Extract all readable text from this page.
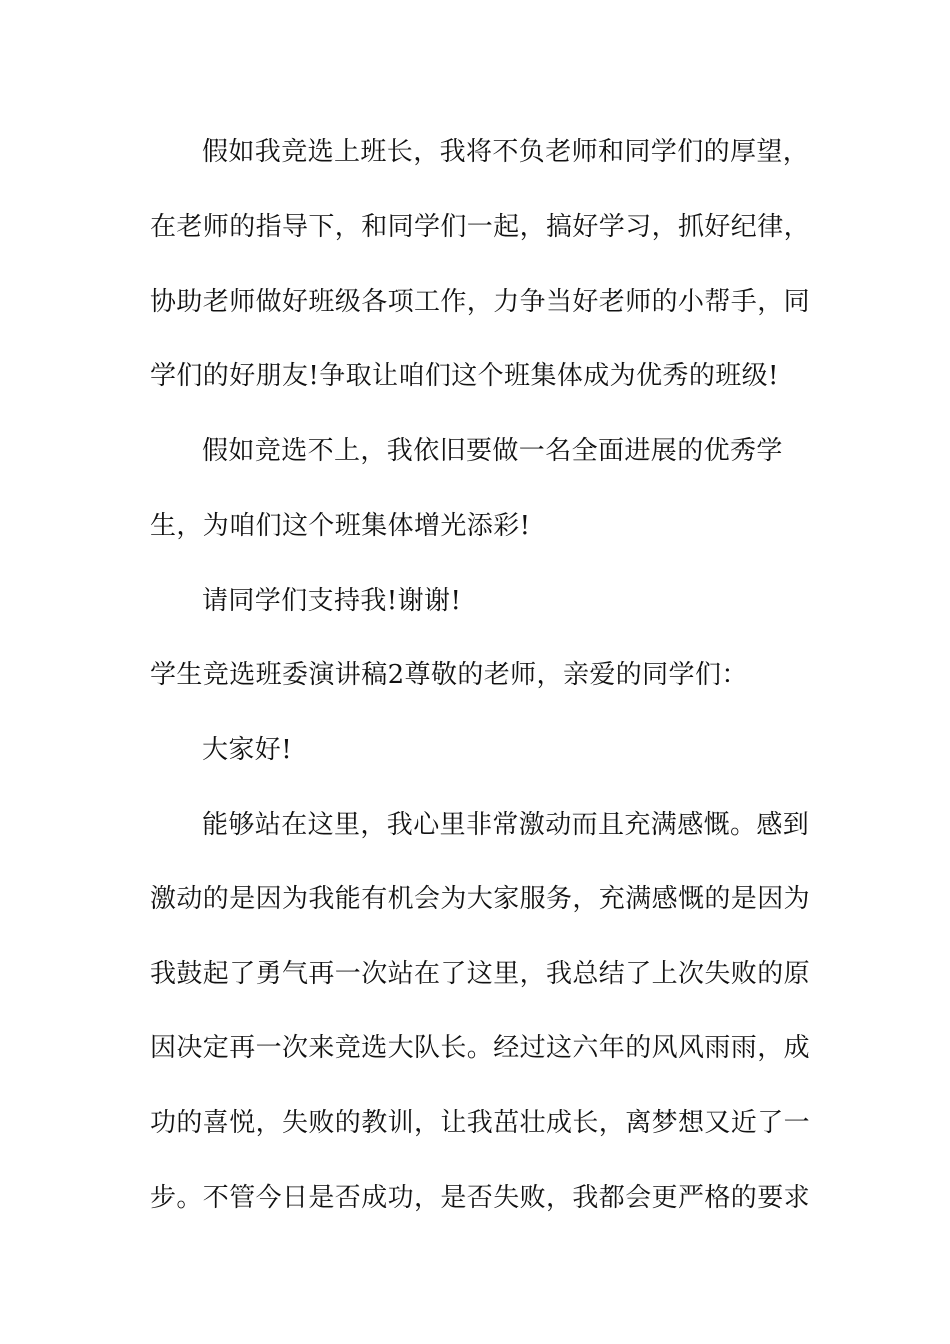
假如我竞选上班长，我将不负老师和同学们的厚望，
在老师的指导下，和同学们一起，搞好学习，抓好纪律，
协助老师做好班级各项工作，力争当好老师的小帮手，同
学们的好朋友!争取让咱们这个班集体成为优秀的班级!
假如竞选不上，我依旧要做一名全面进展的优秀学
生，为咱们这个班集体增光添彩!
请同学们支持我!谢谢!
学生竞选班委演讲稿2尊敬的老师，亲爱的同学们：
大家好!
能够站在这里，我心里非常激动而且充满感慨。感到
激动的是因为我能有机会为大家服务，充满感慨的是因为
我鼓起了勇气再一次站在了这里，我总结了上次失败的原
因决定再一次来竞选大队长。经过这六年的风风雨雨，成
功的喜悦，失败的教训，让我茁壮成长，离梦想又近了一
步。不管今日是否成功，是否失败，我都会更严格的要求
